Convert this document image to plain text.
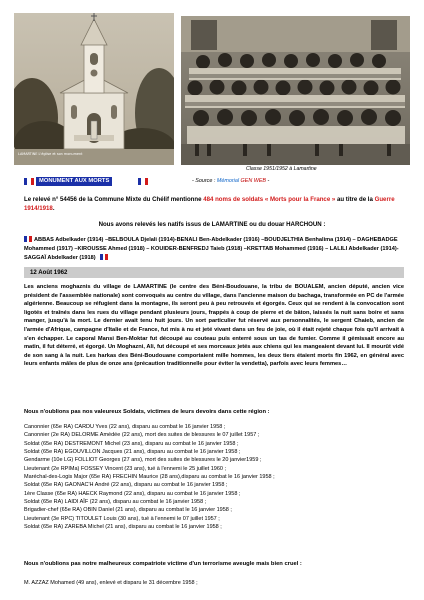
LAMARTINE L'église et son monument
Classe 1951/1952 à Lamartine
MONUMENT AUX MORTS	- Source : Mémorial GEN WEB -
Le relevé n° 54456 de la Commune Mixte du Chélif mentionne 484 noms de soldats « Morts pour la France » au titre de la Guerre 1914/1918.
Nous avons relevés les natifs issus de LAMARTINE ou du douar HARCHOUN :
ABBAS Adbelkader (1914) –BELBOULA Djelali (1914)-BENALI Ben-Abdelkader (1916) –BOUDJELTHIA Benhalima (1914) – DAGHEBADGE Mohammed (1917) –KIROUSSE Ahmed (1918) – KOUIDER-BENFREDJ Taieb (1918) –KRETTAB Mohammed (1916) – LALILI Abdelkader (1914)- SAGGAÏ Abdelkader (1918)
12 Août 1962
Les anciens moghaznis du village de LAMARTINE (le centre des Béni-Boudouane, la tribu de BOUALEM, ancien député, ancien vice président de l'assemblée nationale) sont convoqués au centre du village, dans l'ancienne maison du bachaga, transformée en PC de l'armée algérienne. Beaucoup se réfugient dans la montagne, ils seront peu à peu retrouvés et égorgés. Ceux qui se rendent à la convocation sont ligotés et traînés dans les rues du village pendant plusieurs jours, frappés à coup de pierre et de bâton, laissés la nuit sans boire et sans manger, jusqu'à la mort. Le dernier avait tenu huit jours. Un sort particulier fut réservé aux personnalités, le sergent Chaieb, ancien de l'armée d'Afrique, campagne d'Italie et de France, fut mis à nu et jeté vivant dans un feu de joie, où il était rejeté chaque fois qu'il arrivait à s'en échapper. Le caporal Mansi Ben-Moktar fut découpé au couteau puis enterré sous un tas de fumier. Comme il gémissait encore au matin, il fut déterré, et égorgé. Un Moghazni, Ali, fut découpé et ses morceaux jetés aux chiens qui les mangeaient devant lui. Il mourût vidé de son sang à la nuit. Les harkas des Béni-Boudouane comportaient mille hommes, les deux tiers étaient morts fin 1962, en général avec leurs enfants mâles de plus de onze ans (précaution traditionnelle pour éviter la vendetta), parfois avec leurs femmes…
Nous n'oublions pas nos valeureux Soldats, victimes de leurs devoirs dans cette région :
Canonnier (65e RA) CARDU Yves (22 ans), disparu au combat le 16 janvier 1958 ;
Canonnier (2e RA) DELORME Amédée (22 ans), mort des suites de blessures le 07 juillet 1957 ;
Soldat (65e RA) DESTREMONT Michel (23 ans), disparu au combat le 16 janvier 1958 ;
Soldat (65e RA) EGOUVILLON Jacques (21 ans), disparu au combat le 16 janvier 1958 ;
Gendarme (10e LG) FOLLIOT Georges (27 ans), mort des suites de blessures le 20 janvier1959 ;
Lieutenant (2e RPIMa) FOSSEY Vincent (23 ans), tué à l'ennemi le 25 juillet 1960 ;
Maréchal-des-Logis Major (65e RA) FRECHIN Maurice (28 ans),disparu au combat le 16 janvier 1958 ;
Soldat (65e RA) GAONAC'H André (22 ans), disparu au combat le 16 janvier 1958 ;
1ère Classe (65e RA) HAECK Raymond (22 ans), disparu au combat le 16 janvier 1958 ;
Soldat (65e RA) LAIDI AÏF (22 ans), disparu au combat le 16 janvier 1958 ;
Brigadier-chef (65e RA) OBIN Daniel (21 ans), disparu au combat le 16 janvier 1958 ;
Lieutenant (3e RPC) TITOULET Louis (30 ans), tué à l'ennemi le 07 juillet 1957 ;
Soldat (65e RA) ZAREBA Michel (21 ans), disparu au combat le 16 janvier 1958 ;
Nous n'oublions pas notre malheureux compatriote victime d'un terrorisme aveugle mais bien cruel :
M. AZZAZ Mohamed (49 ans), enlevé et disparu le 31 décembre 1958 ;
